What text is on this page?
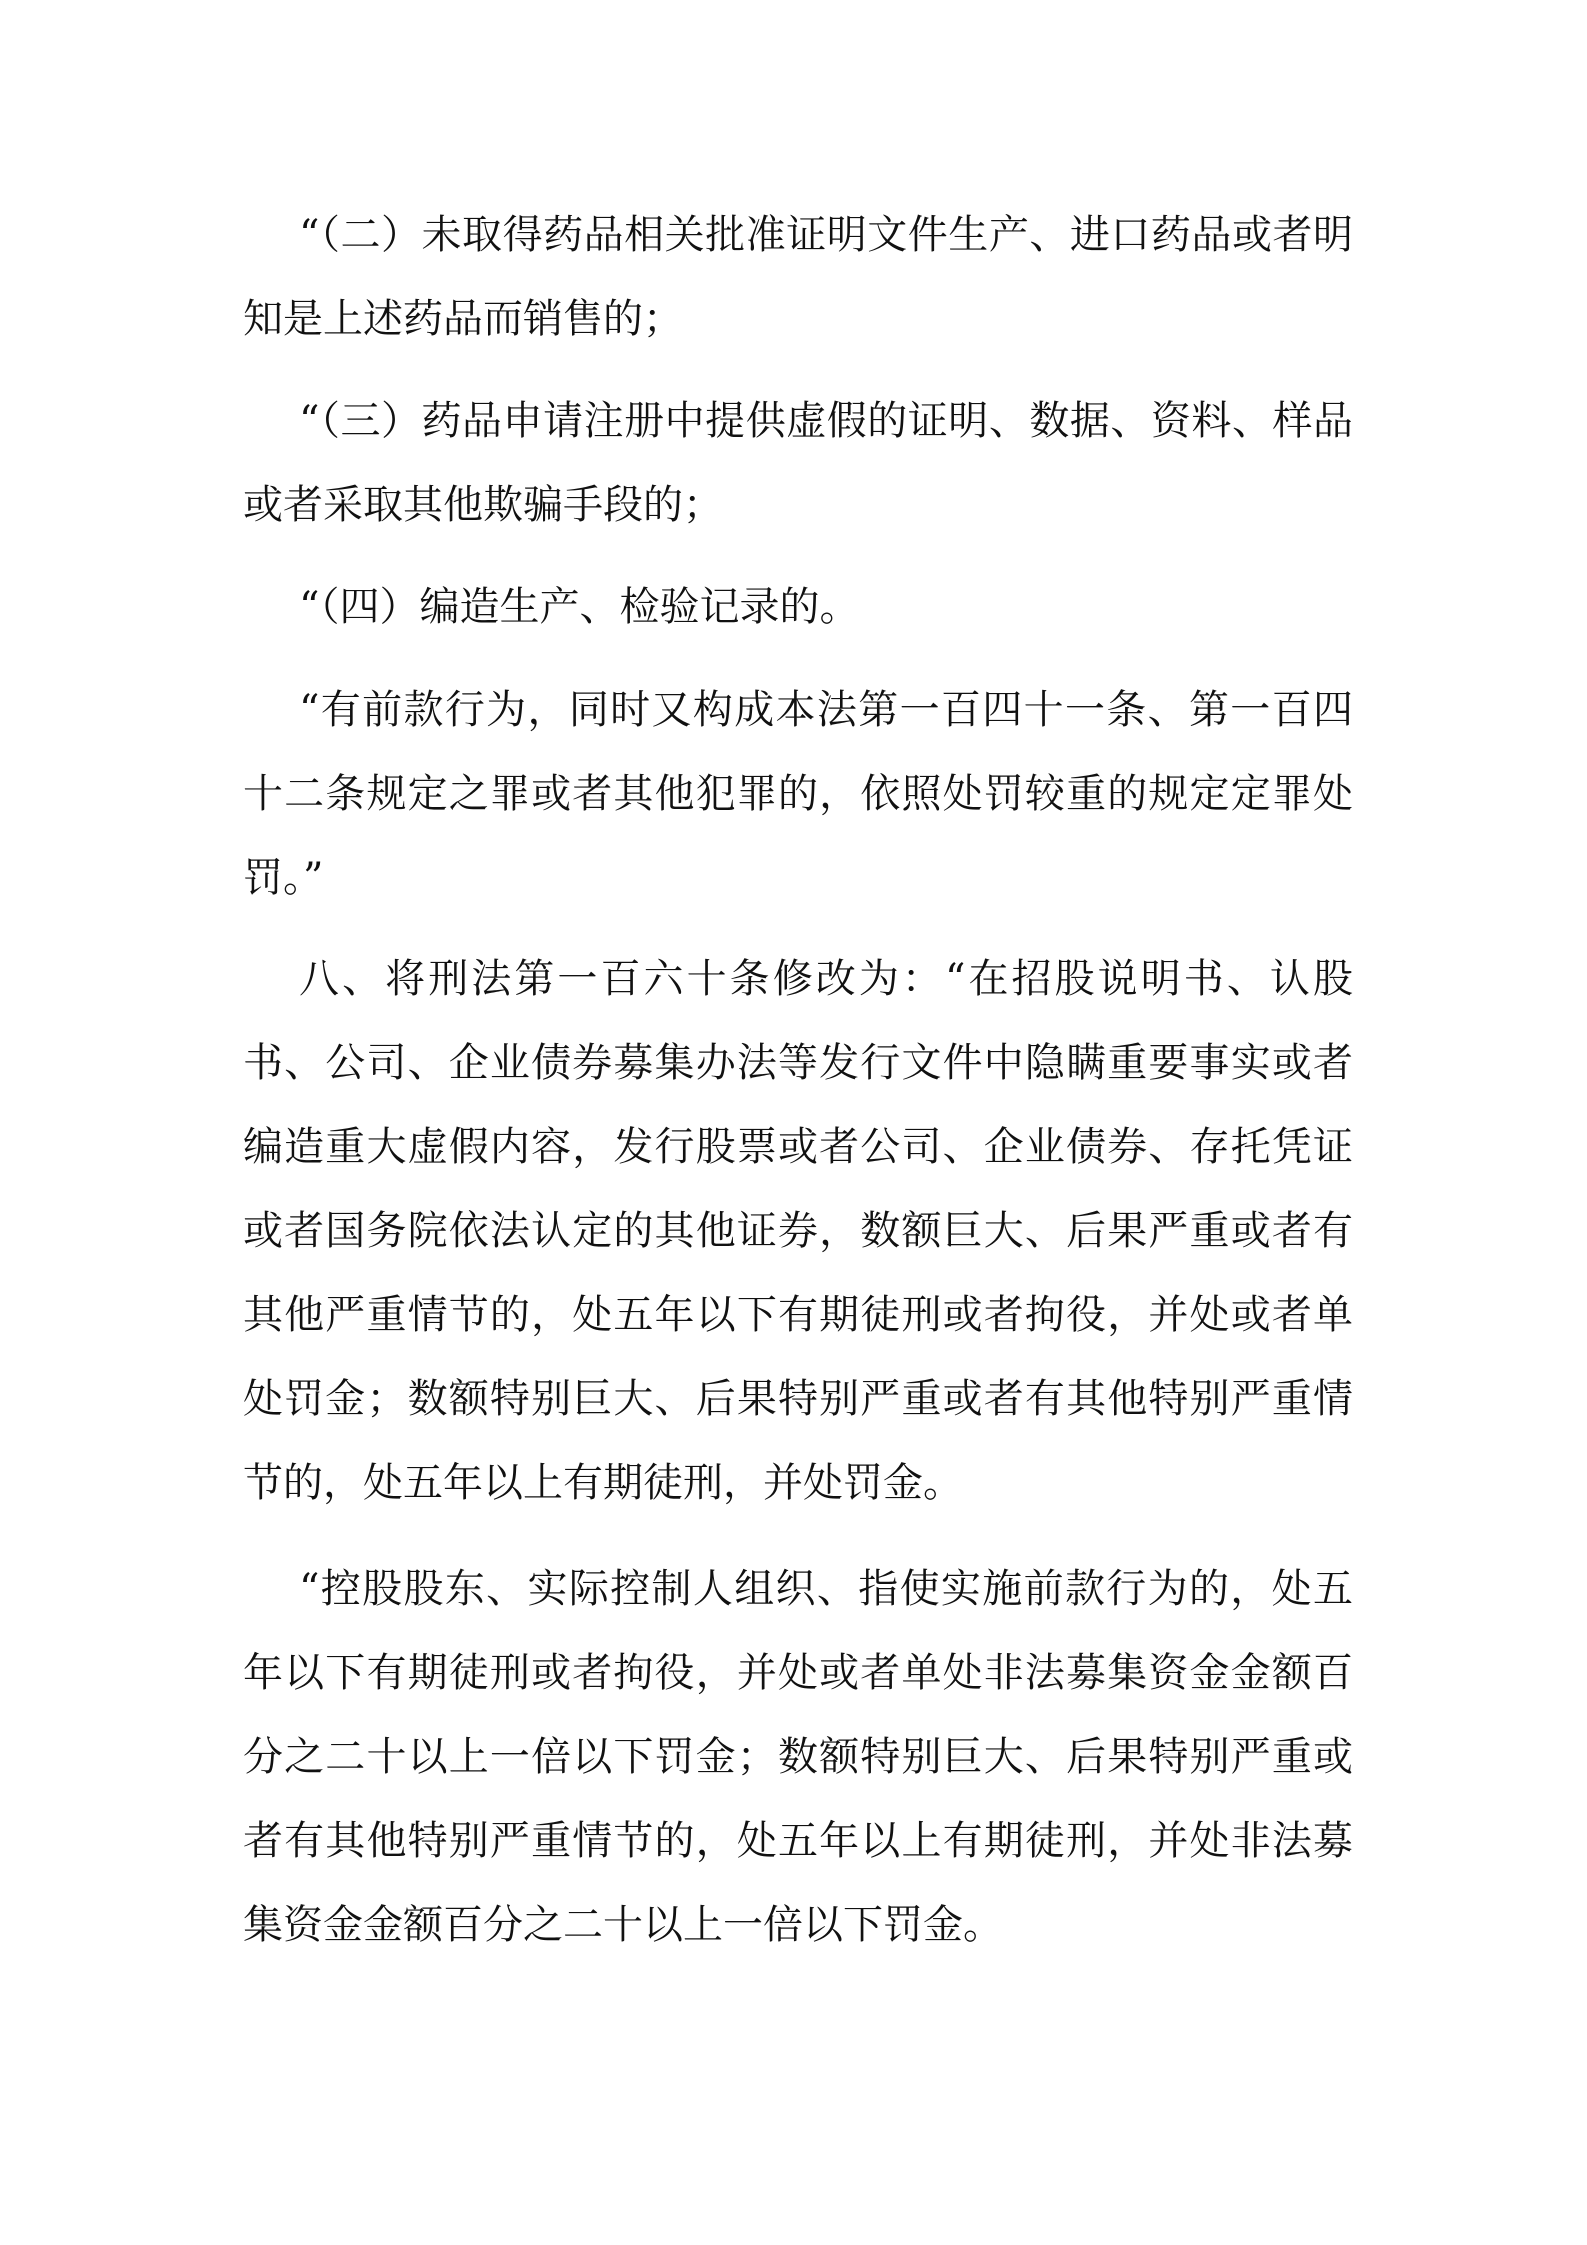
“（二）未取得药品相关批准证明文件生产、进口药品或者明知是上述药品而销售的；

“（三）药品申请注册中提供虚假的证明、数据、资料、样品或者采取其他欺骗手段的；

“（四）编造生产、检验记录的。

“有前款行为，同时又构成本法第一百四十一条、第一百四十二条规定之罪或者其他犯罪的，依照处罚较重的规定定罪处罚。”

八、将刑法第一百六十条修改为：“在招股说明书、认股书、公司、企业债券募集办法等发行文件中隐瞒重要事实或者编造重大虚假内容，发行股票或者公司、企业债券、存托凭证或者国务院依法认定的其他证券，数额巨大、后果严重或者有其他严重情节的，处五年以下有期徒刑或者拘役，并处或者单处罚金；数额特别巨大、后果特别严重或者有其他特别严重情节的，处五年以上有期徒刑，并处罚金。

“控股股东、实际控制人组织、指使实施前款行为的，处五年以下有期徒刑或者拘役，并处或者单处非法募集资金金额百分之二十以上一倍以下罚金；数额特别巨大、后果特别严重或者有其他特别严重情节的，处五年以上有期徒刑，并处非法募集资金金额百分之二十以上一倍以下罚金。
